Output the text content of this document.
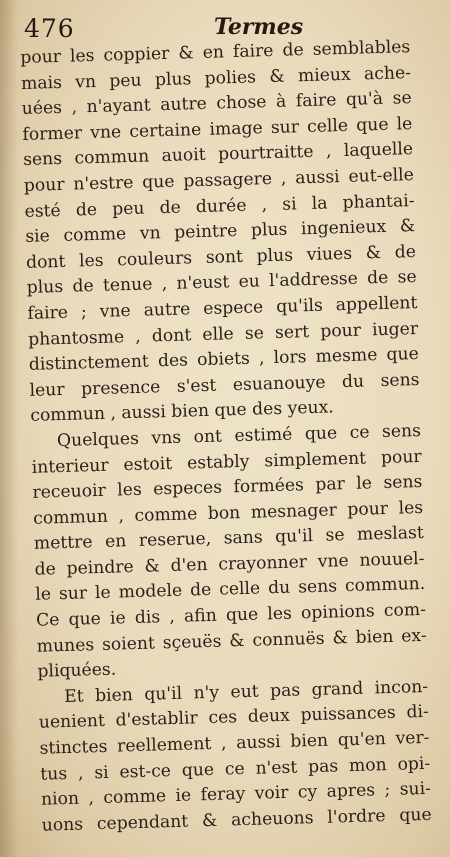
476	Termes
pour les coppier & en faire de semblables
mais vn peu plus polies & mieux ache-
uées , n'ayant autre chose à faire qu'à se
former vne certaine image sur celle que le
sens commun auoit pourtraitte , laquelle
pour n'estre que passagere , aussi eut-elle
esté de peu de durée , si la phantai-
sie comme vn peintre plus ingenieux &
dont les couleurs sont plus viues & de
plus de tenue , n'eust eu l'addresse de se
faire ; vne autre espece qu'ils appellent
phantosme , dont elle se sert pour iuger
distinctement des obiets , lors mesme que
leur presence s'est esuanouye du sens
commun , aussi bien que des yeux.
Quelques vns ont estimé que ce sens
interieur estoit estably simplement pour
receuoir les especes formées par le sens
commun , comme bon mesnager pour les
mettre en reserue, sans qu'il se meslast
de peindre & d'en crayonner vne nouuel-
le sur le modele de celle du sens commun.
Ce que ie dis , afin que les opinions com-
munes soient sçeuës & connuës & bien ex-
pliquées.
Et bien qu'il n'y eut pas grand incon-
uenient d'establir ces deux puissances di-
stinctes reellement , aussi bien qu'en ver-
tus , si est-ce que ce n'est pas mon opi-
nion , comme ie feray voir cy apres ; sui-
uons cependant & acheuons l'ordre que
